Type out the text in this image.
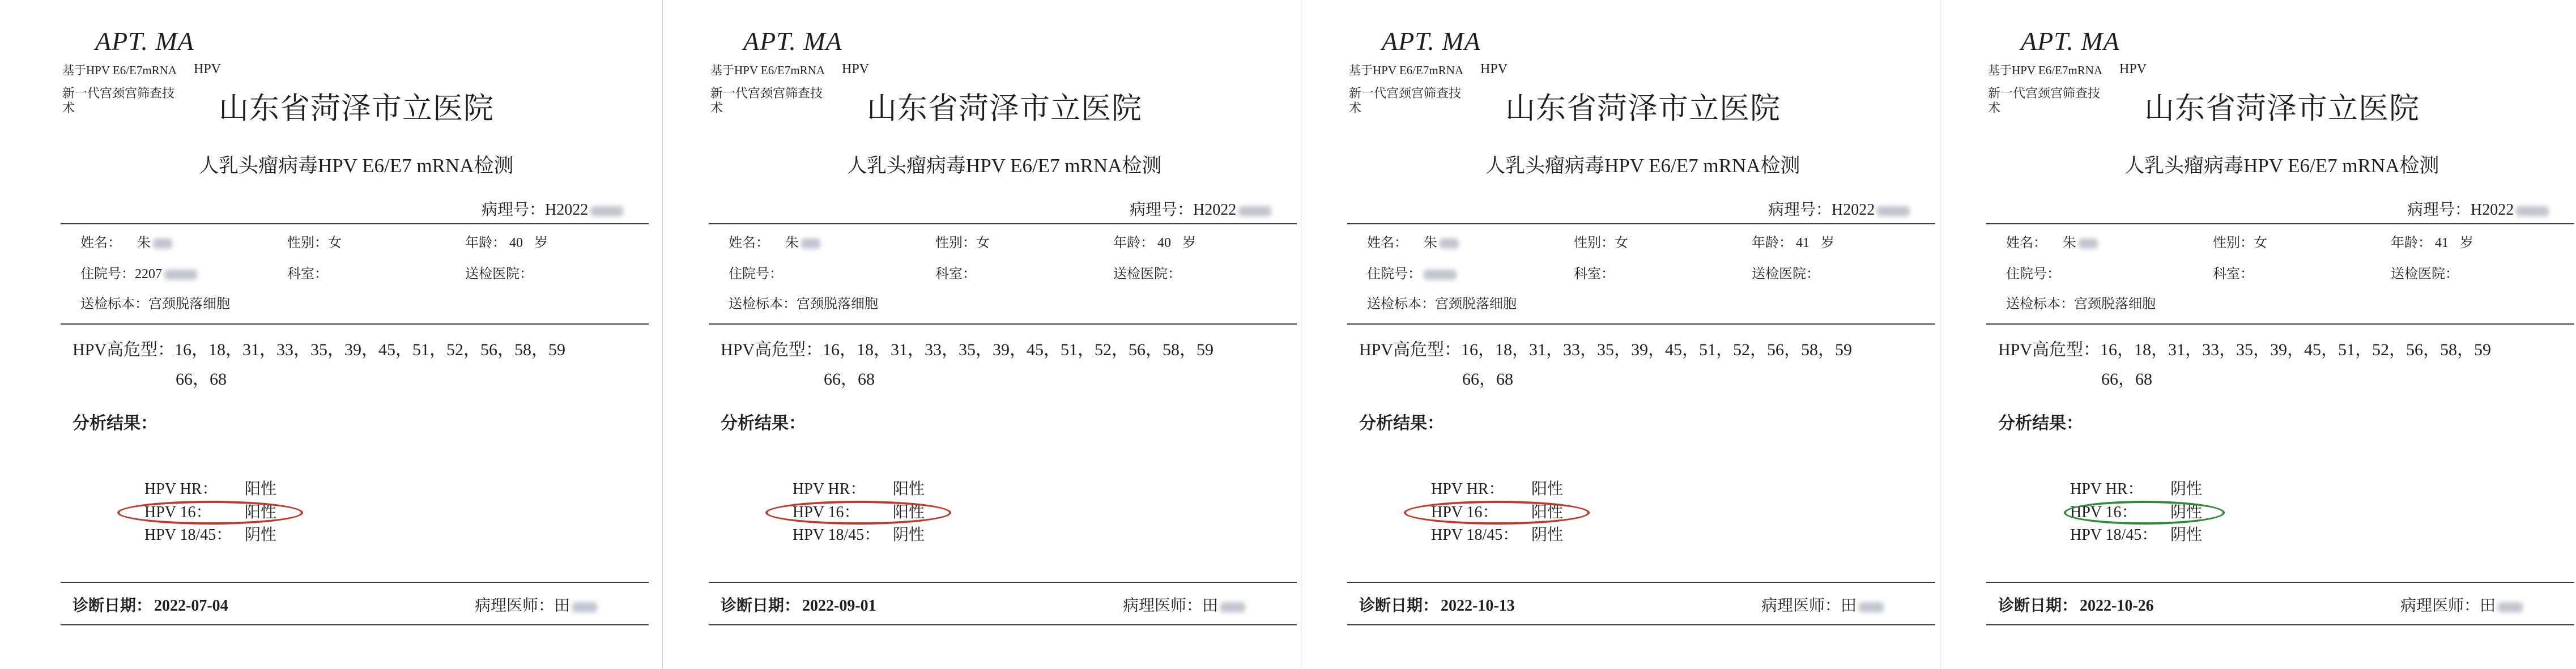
APT. MA
基于HPV E6/E7mRNA HPV
新一代宫颈宫筛查技
术	山东省菏泽市立医院
人乳头瘤病毒HPV E6/E7 mRNA检测
病理号：H2022
姓名： 朱	性别：女	年龄： 40 岁
住院号：2207	科室：	送检医院：
送检标本：宫颈脱落细胞
HPV高危型：16，18，31，33，35，39，45，51，52，56，58，59
66，68
分析结果：
HPV HR： 阳性
HPV 16： 阳性
HPV 18/45： 阴性
诊断日期： 2022-07-04	病理医师：田
APT. MA
基于HPV E6/E7mRNA HPV
新一代宫颈宫筛查技
术	山东省菏泽市立医院
人乳头瘤病毒HPV E6/E7 mRNA检测
病理号：H2022
姓名： 朱	性别：女	年龄： 40 岁
住院号：	科室：	送检医院：
送检标本：宫颈脱落细胞
HPV高危型：16，18，31，33，35，39，45，51，52，56，58，59
66，68
分析结果：
HPV HR： 阳性
HPV 16： 阳性
HPV 18/45： 阴性
诊断日期： 2022-09-01	病理医师：田
APT. MA
基于HPV E6/E7mRNA HPV
新一代宫颈宫筛查技
术	山东省菏泽市立医院
人乳头瘤病毒HPV E6/E7 mRNA检测
病理号：H2022
姓名： 朱	性别：女	年龄： 41 岁
住院号：	科室：	送检医院：
送检标本：宫颈脱落细胞
HPV高危型：16，18，31，33，35，39，45，51，52，56，58，59
66，68
分析结果：
HPV HR： 阳性
HPV 16： 阳性
HPV 18/45： 阴性
诊断日期： 2022-10-13	病理医师：田
APT. MA
基于HPV E6/E7mRNA HPV
新一代宫颈宫筛查技
术	山东省菏泽市立医院
人乳头瘤病毒HPV E6/E7 mRNA检测
病理号：H2022
姓名： 朱	性别：女	年龄： 41 岁
住院号：	科室：	送检医院：
送检标本：宫颈脱落细胞
HPV高危型：16，18，31，33，35，39，45，51，52，56，58，59
66，68
分析结果：
HPV HR： 阴性
HPV 16： 阴性
HPV 18/45： 阴性
诊断日期： 2022-10-26	病理医师：田
